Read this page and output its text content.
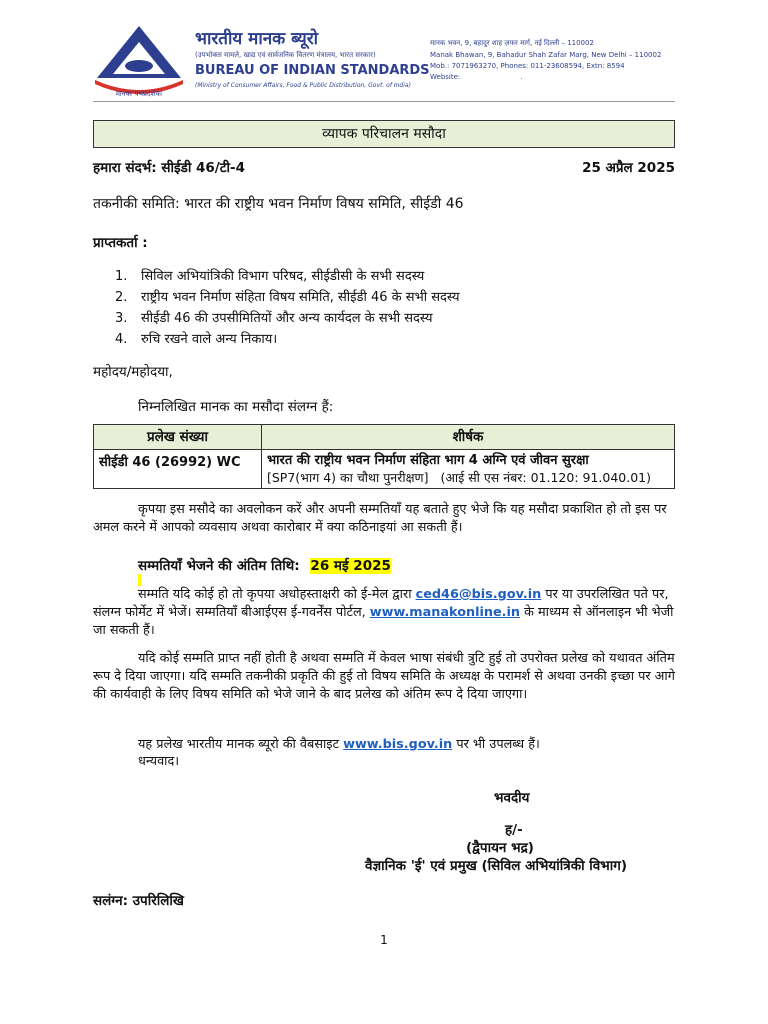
मानकः पथप्रदर्शकः
भारतीय मानक ब्यूरो
(उपभोक्ता मामले, खाद्य एवं सार्वजनिक वितरण मंत्रालय, भारत सरकार)
BUREAU OF INDIAN STANDARDS
(Ministry of Consumer Affairs, Food & Public Distribution, Govt. of India)
मानक भवन, 9, बहादुर शाह ज़फर मार्ग, नई दिल्ली – 110002
Manak Bhawan, 9, Bahadur Shah Zafar Marg, New Delhi – 110002
Mob.: 7071963270, Phones: 011-23608594, Extn: 8594
Website:	.
व्यापक परिचालन मसौदा
हमारा संदर्भ: सीईडी 46/टी-4	25 अप्रैल 2025
तकनीकी समिति: भारत की राष्ट्रीय भवन निर्माण विषय समिति, सीईडी 46
प्राप्तकर्ता :
1. सिविल अभियांत्रिकी विभाग परिषद, सीईडीसी के सभी सदस्य
2. राष्ट्रीय भवन निर्माण संहिता विषय समिति, सीईडी 46 के सभी सदस्य
3. सीईडी 46 की उपसीमितियों और अन्य कार्यदल के सभी सदस्य
4. रुचि रखने वाले अन्य निकाय।
महोदय/महोदया,
निम्नलिखित मानक का मसौदा संलग्न हैं:
प्रलेख संख्या	शीर्षक
सीईडी 46 (26992) WC	भारत की राष्ट्रीय भवन निर्माण संहिता भाग 4 अग्नि एवं जीवन सुरक्षा
[SP7(भाग 4) का चौथा पुनरीक्षण] (आई सी एस नंबर: 01.120: 91.040.01)
कृपया इस मसौदे का अवलोकन करें और अपनी सम्मतियाँ यह बताते हुए भेजे कि यह मसौदा प्रकाशित हो तो इस पर अमल करने में आपको व्यवसाय अथवा कारोबार में क्या कठिनाइयां आ सकती हैं।
सम्मतियाँ भेजने की अंतिम तिथि: 26 मई 2025
सम्मति यदि कोई हो तो कृपया अधोहस्ताक्षरी को ई-मेल द्वारा ced46@bis.gov.in पर या उपरलिखित पते पर, संलग्न फोर्मेट में भेजें। सम्मतियाँ बीआईएस ई-गवर्नेंस पोर्टल, www.manakonline.in के माध्यम से ऑनलाइन भी भेजी जा सकती हैं।
यदि कोई सम्मति प्राप्त नहीं होती है अथवा सम्मति में केवल भाषा संबंधी त्रुटि हुई तो उपरोक्त प्रलेख को यथावत अंतिम रूप दे दिया जाएगा। यदि सम्मति तकनीकी प्रकृति की हुई तो विषय समिति के अध्यक्ष के परामर्श से अथवा उनकी इच्छा पर आगे की कार्यवाही के लिए विषय समिति को भेजे जाने के बाद प्रलेख को अंतिम रूप दे दिया जाएगा।
यह प्रलेख भारतीय मानक ब्यूरो की वैबसाइट www.bis.gov.in पर भी उपलब्ध हैं।
धन्यवाद।
भवदीय
ह/-
(द्वैपायन भद्र)
वैज्ञानिक 'ई' एवं प्रमुख (सिविल अभियांत्रिकी विभाग)
सलंग्न: उपरिलिखि
1
